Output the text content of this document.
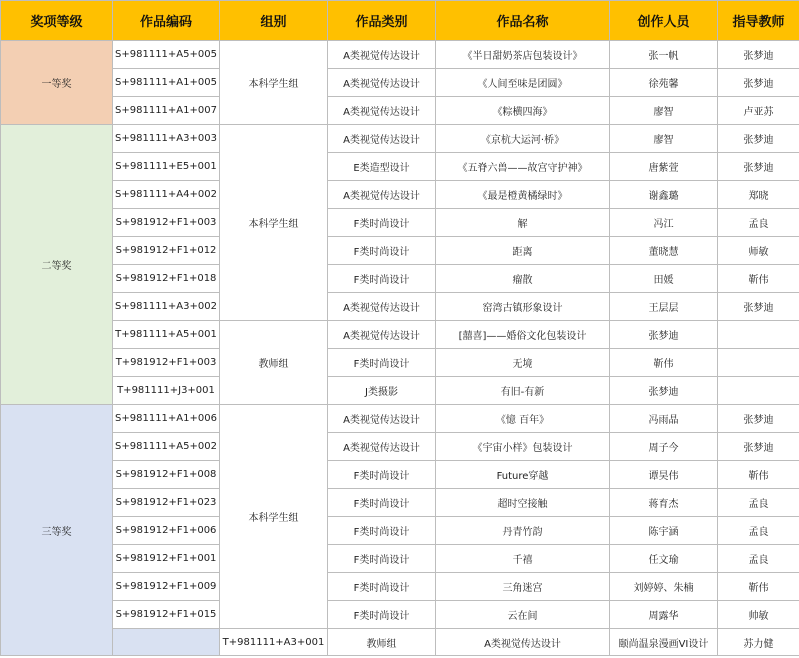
奖项等级	作品编码	组别	作品类别	作品名称	创作人员	指导教师	
一等奖	S+981111+A5+005	本科学生组	A类视觉传达设计	《半日甜奶茶店包装设计》	张一帆	张梦迪	
	S+981111+A1+005		A类视觉传达设计	《人间至味是团圆》	徐苑馨	张梦迪	
	S+981111+A1+007		A类视觉传达设计	《粽横四海》	廖智	卢亚苏	
二等奖	S+981111+A3+003	本科学生组	A类视觉传达设计	《京杭大运河·桥》	廖智	张梦迪	
	S+981111+E5+001		E类造型设计	《五脊六兽——故宫守护神》	唐紫萱	张梦迪	
	S+981111+A4+002		A类视觉传达设计	《最是橙黄橘绿时》	谢鑫璐	郑晓	
	S+981912+F1+003		F类时尚设计	解	冯江	孟良	
	S+981912+F1+012		F类时尚设计	距离	董晓慧	师敏	
	S+981912+F1+018		F类时尚设计	瘤散	田媛	靳伟	
	S+981111+A3+002		A类视觉传达设计	窑湾古镇形象设计	王层层	张梦迪	
	T+981111+A5+001	教师组	A类视觉传达设计	[囍喜]——婚俗文化包装设计	张梦迪		
	T+981912+F1+003		F类时尚设计	无境	靳伟		
	T+981111+J3+001		J类摄影	有旧-有新	张梦迪		
三等奖	S+981111+A1+006	本科学生组	A类视觉传达设计	《憶 百年》	冯雨晶	张梦迪	
	S+981111+A5+002		A类视觉传达设计	《宇宙小样》包装设计	周子今	张梦迪	
	S+981912+F1+008		F类时尚设计	Future穿越	谭昊伟	靳伟	
	S+981912+F1+023		F类时尚设计	超时空接触	蒋育杰	孟良	
	S+981912+F1+006		F类时尚设计	丹青竹韵	陈宇涵	孟良	
	S+981912+F1+001		F类时尚设计	千禧	任文瑜	孟良	
	S+981912+F1+009		F类时尚设计	三角迷宫	刘婷婷、朱楠	靳伟	
	S+981912+F1+015		F类时尚设计	云在间	周露华	帅敏	
		T+981111+A3+001	教师组	A类视觉传达设计	颐尚温泉漫画VI设计	苏力健	
